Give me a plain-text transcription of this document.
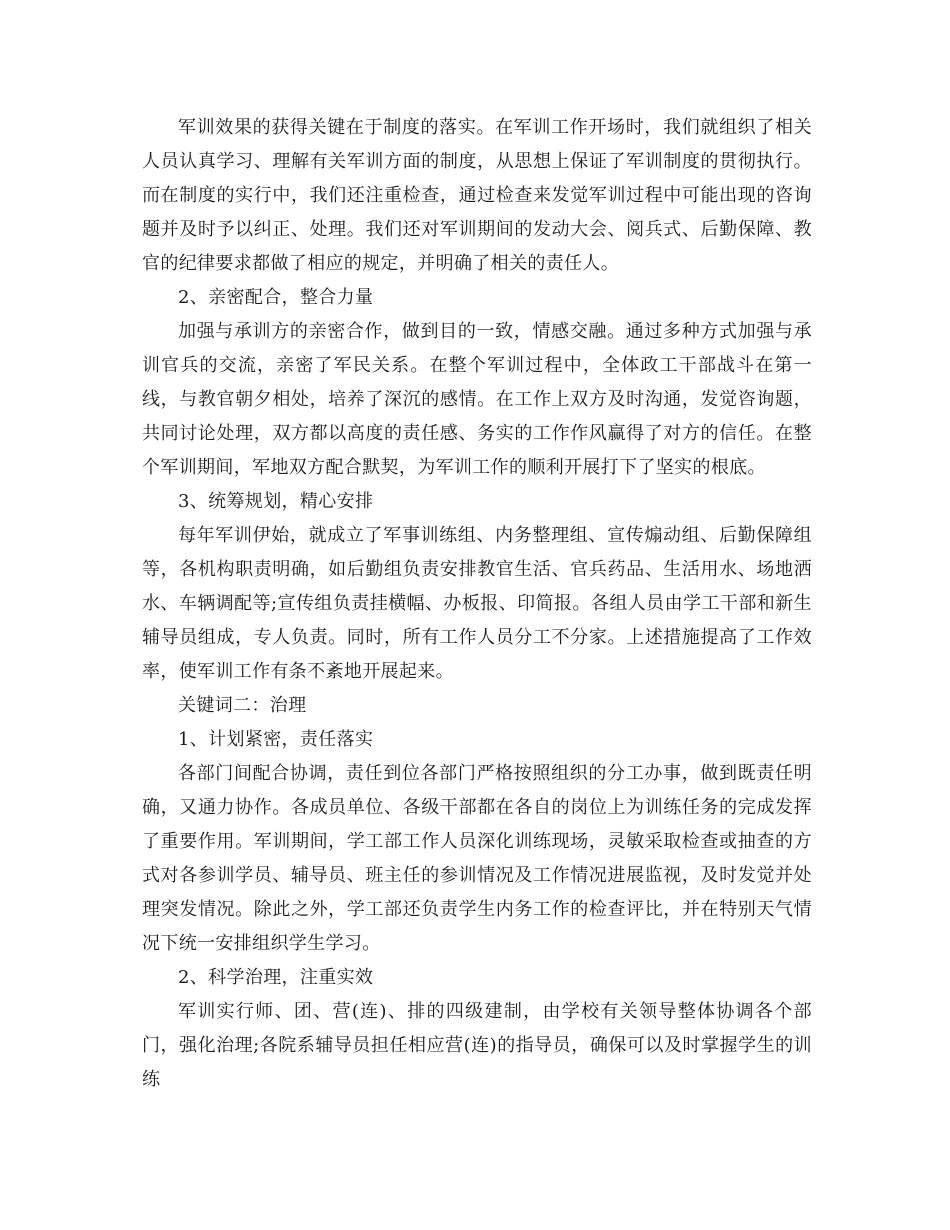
军训效果的获得关键在于制度的落实。在军训工作开场时，我们就组织了相关人员认真学习、理解有关军训方面的制度，从思想上保证了军训制度的贯彻执行。而在制度的实行中，我们还注重检查，通过检查来发觉军训过程中可能出现的咨询题并及时予以纠正、处理。我们还对军训期间的发动大会、阅兵式、后勤保障、教官的纪律要求都做了相应的规定，并明确了相关的责任人。

2、亲密配合，整合力量

加强与承训方的亲密合作，做到目的一致，情感交融。通过多种方式加强与承训官兵的交流，亲密了军民关系。在整个军训过程中，全体政工干部战斗在第一线，与教官朝夕相处，培养了深沉的感情。在工作上双方及时沟通，发觉咨询题，共同讨论处理，双方都以高度的责任感、务实的工作作风赢得了对方的信任。在整个军训期间，军地双方配合默契，为军训工作的顺利开展打下了坚实的根底。

3、统筹规划，精心安排

每年军训伊始，就成立了军事训练组、内务整理组、宣传煽动组、后勤保障组等，各机构职责明确，如后勤组负责安排教官生活、官兵药品、生活用水、场地洒水、车辆调配等;宣传组负责挂横幅、办板报、印简报。各组人员由学工干部和新生辅导员组成，专人负责。同时，所有工作人员分工不分家。上述措施提高了工作效率，使军训工作有条不紊地开展起来。

关键词二：治理

1、计划紧密，责任落实

各部门间配合协调，责任到位各部门严格按照组织的分工办事，做到既责任明确，又通力协作。各成员单位、各级干部都在各自的岗位上为训练任务的完成发挥了重要作用。军训期间，学工部工作人员深化训练现场，灵敏采取检查或抽查的方式对各参训学员、辅导员、班主任的参训情况及工作情况进展监视，及时发觉并处理突发情况。除此之外，学工部还负责学生内务工作的检查评比，并在特别天气情况下统一安排组织学生学习。

2、科学治理，注重实效

军训实行师、团、营(连)、排的四级建制，由学校有关领导整体协调各个部门，强化治理;各院系辅导员担任相应营(连)的指导员，确保可以及时掌握学生的训练
